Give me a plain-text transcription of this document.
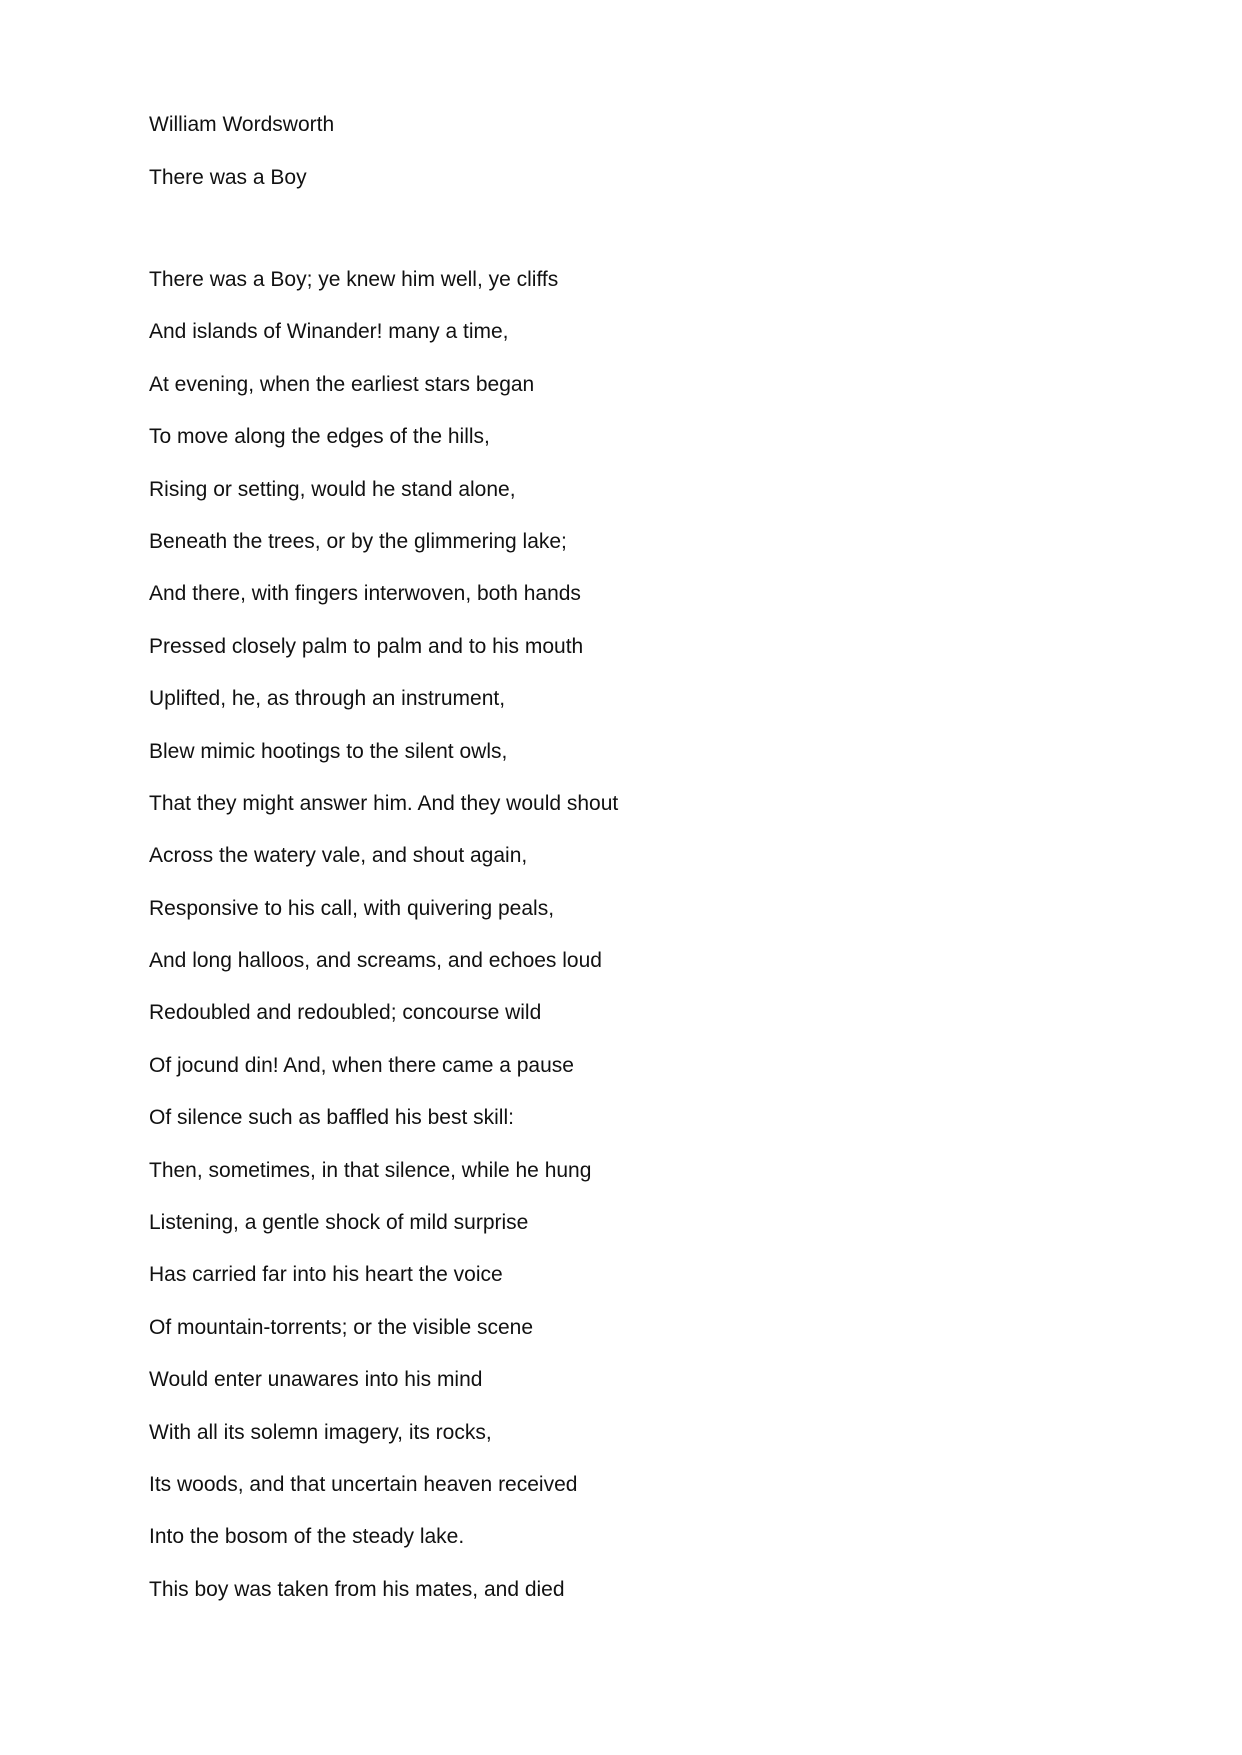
William Wordsworth
There was a Boy
There was a Boy; ye knew him well, ye cliffs
And islands of Winander! many a time,
At evening, when the earliest stars began
To move along the edges of the hills,
Rising or setting, would he stand alone,
Beneath the trees, or by the glimmering lake;
And there, with fingers interwoven, both hands
Pressed closely palm to palm and to his mouth
Uplifted, he, as through an instrument,
Blew mimic hootings to the silent owls,
That they might answer him. And they would shout
Across the watery vale, and shout again,
Responsive to his call, with quivering peals,
And long halloos, and screams, and echoes loud
Redoubled and redoubled; concourse wild
Of jocund din! And, when there came a pause
Of silence such as baffled his best skill:
Then, sometimes, in that silence, while he hung
Listening, a gentle shock of mild surprise
Has carried far into his heart the voice
Of mountain-torrents; or the visible scene
Would enter unawares into his mind
With all its solemn imagery, its rocks,
Its woods, and that uncertain heaven received
Into the bosom of the steady lake.
This boy was taken from his mates, and died
